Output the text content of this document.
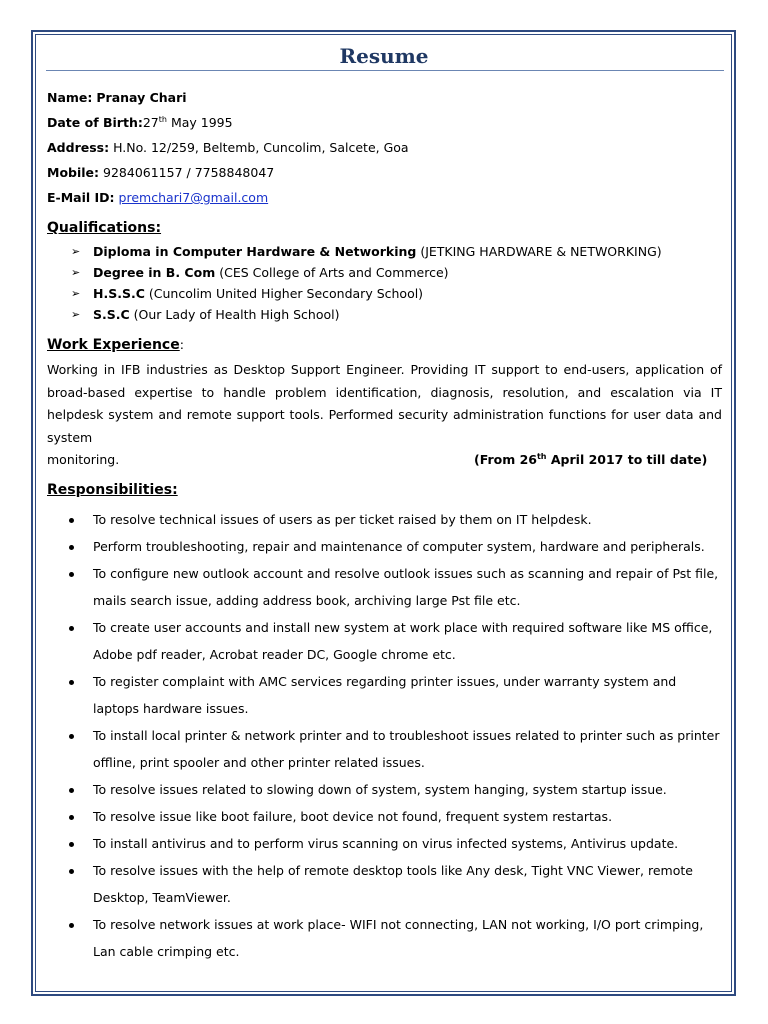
Resume
Name: Pranay Chari
Date of Birth:27th May 1995
Address: H.No. 12/259, Beltemb, Cuncolim, Salcete, Goa
Mobile: 9284061157 / 7758848047
E-Mail ID: premchari7@gmail.com
Qualifications:
➢ Diploma in Computer Hardware & Networking (JETKING HARDWARE & NETWORKING)
➢ Degree in B. Com (CES College of Arts and Commerce)
➢ H.S.S.C (Cuncolim United Higher Secondary School)
➢ S.S.C (Our Lady of Health High School)
Work Experience:
Working in IFB industries as Desktop Support Engineer. Providing IT support to end-users, application of broad-based expertise to handle problem identification, diagnosis, resolution, and escalation via IT helpdesk system and remote support tools. Performed security administration functions for user data and system
monitoring.	(From 26th April 2017 to till date)
Responsibilities:
To resolve technical issues of users as per ticket raised by them on IT helpdesk.
Perform troubleshooting, repair and maintenance of computer system, hardware and peripherals.
To configure new outlook account and resolve outlook issues such as scanning and repair of Pst file, mails search issue, adding address book, archiving large Pst file etc.
To create user accounts and install new system at work place with required software like MS office, Adobe pdf reader, Acrobat reader DC, Google chrome etc.
To register complaint with AMC services regarding printer issues, under warranty system and laptops hardware issues.
To install local printer & network printer and to troubleshoot issues related to printer such as printer offline, print spooler and other printer related issues.
To resolve issues related to slowing down of system, system hanging, system startup issue.
To resolve issue like boot failure, boot device not found, frequent system restartas.
To install antivirus and to perform virus scanning on virus infected systems, Antivirus update.
To resolve issues with the help of remote desktop tools like Any desk, Tight VNC Viewer, remote Desktop, TeamViewer.
To resolve network issues at work place- WIFI not connecting, LAN not working, I/O port crimping, Lan cable crimping etc.
